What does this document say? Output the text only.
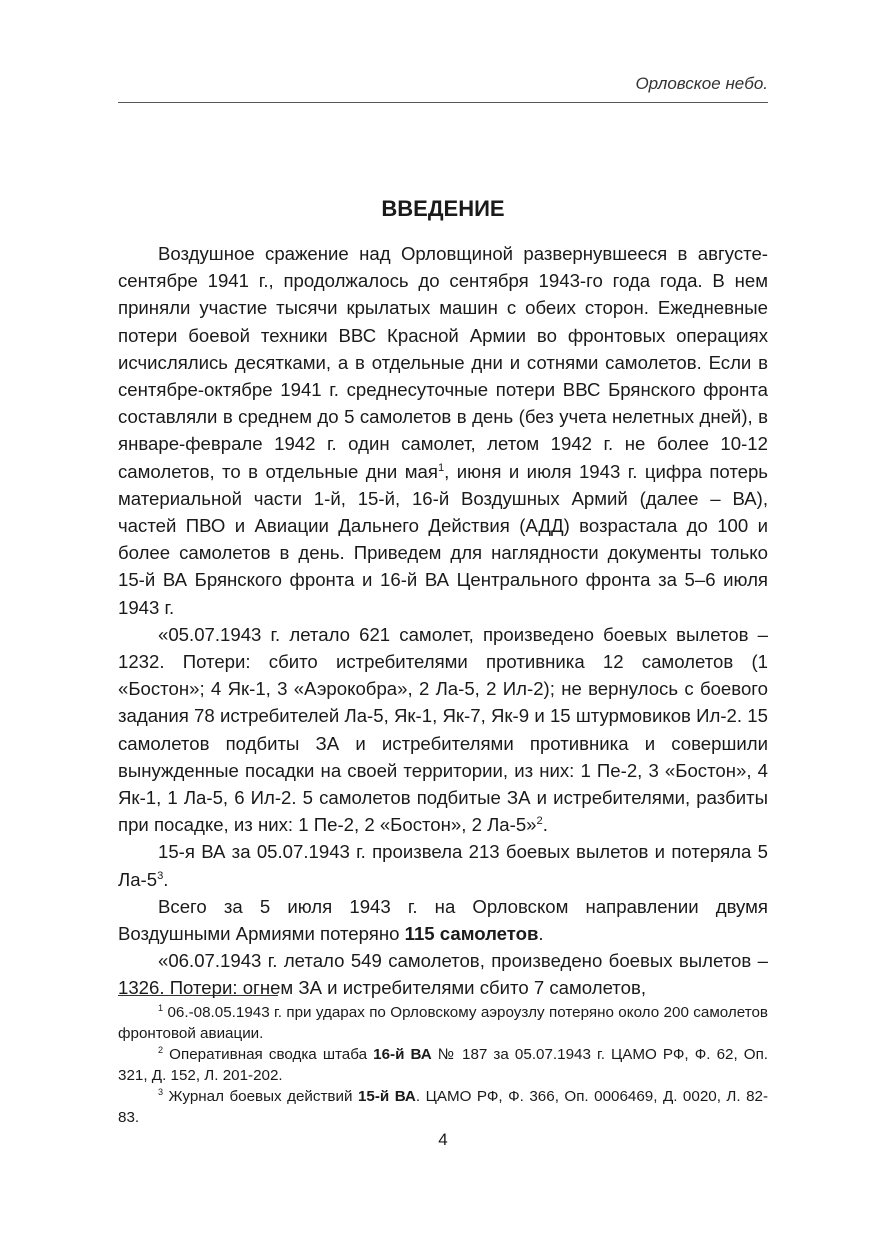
Орловское небо.
ВВЕДЕНИЕ

Воздушное сражение над Орловщиной развернувшееся в августе-сентябре 1941 г., продолжалось до сентября 1943-го года года. В нем приняли участие тысячи крылатых машин с обеих сторон. Ежедневные потери боевой техники ВВС Красной Армии во фронтовых операциях исчислялись десятками, а в отдельные дни и сотнями самолетов. Если в сентябре-октябре 1941 г. среднесуточные потери ВВС Брянского фронта составляли в среднем до 5 самолетов в день (без учета нелетных дней), в январе-феврале 1942 г. один самолет, летом 1942 г. не более 10-12 самолетов, то в отдельные дни мая$^1$, июня и июля 1943 г. цифра потерь материальной части 1-й, 15-й, 16-й Воздушных Армий (далее – ВА), частей ПВО и Авиации Дальнего Действия (АДД) возрастала до 100 и более самолетов в день. Приведем для наглядности документы только 15-й ВА Брянского фронта и 16-й ВА Центрального фронта за 5–6 июля 1943 г.

«05.07.1943 г. летало 621 самолет, произведено боевых вылетов – 1232. Потери: сбито истребителями противника 12 самолетов (1 «Бостон»; 4 Як-1, 3 «Аэрокобра», 2 Ла-5, 2 Ил-2); не вернулось с боевого задания 78 истребителей Ла-5, Як-1, Як-7, Як-9 и 15 штурмовиков Ил-2. 15 самолетов подбиты ЗА и истребителями противника и совершили вынужденные посадки на своей территории, из них: 1 Пе-2, 3 «Бостон», 4 Як-1, 1 Ла-5, 6 Ил-2. 5 самолетов подбитые ЗА и истребителями, разбиты при посадке, из них: 1 Пе-2, 2 «Бостон», 2 Ла-5»$^2$.

15-я ВА за 05.07.1943 г. произвела 213 боевых вылетов и потеряла 5 $Ла-5^3$.

Всего за 5 июля 1943 г. на Орловском направлении двумя Воздушными Армиями потеряно 115 самолетов.

«06.07.1943 г. летало 549 самолетов, произведено боевых вылетов – 1326. Потери: огнем ЗА и истребителями сбито 7 самолетов,

$^1$ 06.-08.05.1943 г. при ударах по Орловскому аэроузлу потеряно около 200 самолетов фронтовой авиации.

$^2$ Оперативная сводка штаба 16-й ВА № 187 за 05.07.1943 г. ЦАМО РФ, Ф. 62, Оп. 321, Д. 152, Л. 201-202.

$^3$ Журнал боевых действий 15-й ВА. ЦАМО РФ, Ф. 366, Оп. 0006469, Д. 0020, Л. 82-83.

4
